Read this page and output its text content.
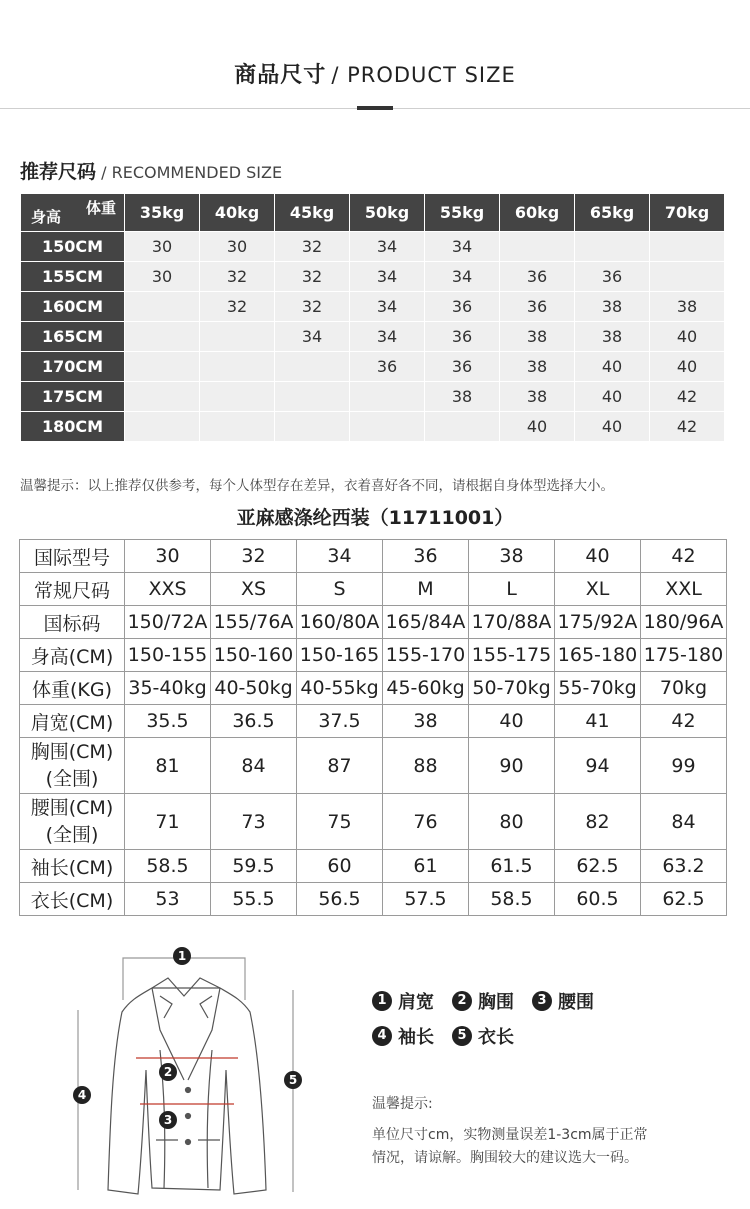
商品尺寸 / PRODUCT SIZE
推荐尺码 / RECOMMENDED SIZE
体重
身高	35kg	40kg	45kg	50kg	55kg	60kg	65kg	70kg
150CM	30	30	32	34	34			
155CM	30	32	32	34	34	36	36	
160CM		32	32	34	36	36	38	38
165CM			34	34	36	38	38	40
170CM				36	36	38	40	40
175CM					38	38	40	42
180CM						40	40	42
温馨提示：以上推荐仅供参考，每个人体型存在差异，衣着喜好各不同，请根据自身体型选择大小。
亚麻感涤纶西装（11711001）
国际型号	30	32	34	36	38	40	42

常规尺码	XXS	XS	S	M	L	XL	XXL

国标码	150/72A	155/76A	160/80A	165/84A	170/88A	175/92A	180/96A

身高(CM)	150-155	150-160	150-165	155-170	155-175	165-180	175-180

体重(KG)	35-40kg	40-50kg	40-55kg	45-60kg	50-70kg	55-70kg	70kg

肩宽(CM)	35.5	36.5	37.5	38	40	41	42

胸围(CM)
(全围)	81	84	87	88	90	94	99

腰围(CM)
(全围)	71	73	75	76	80	82	84

袖长(CM)	58.5	59.5	60	61	61.5	62.5	63.2

衣长(CM)	53	55.5	56.5	57.5	58.5	60.5	62.5
1
2
3
4
5
1 肩宽	2 胸围	3 腰围
4 袖长	5 衣长
温馨提示:
单位尺寸cm，实物测量误差1-3cm属于正常
情况，请谅解。胸围较大的建议选大一码。
